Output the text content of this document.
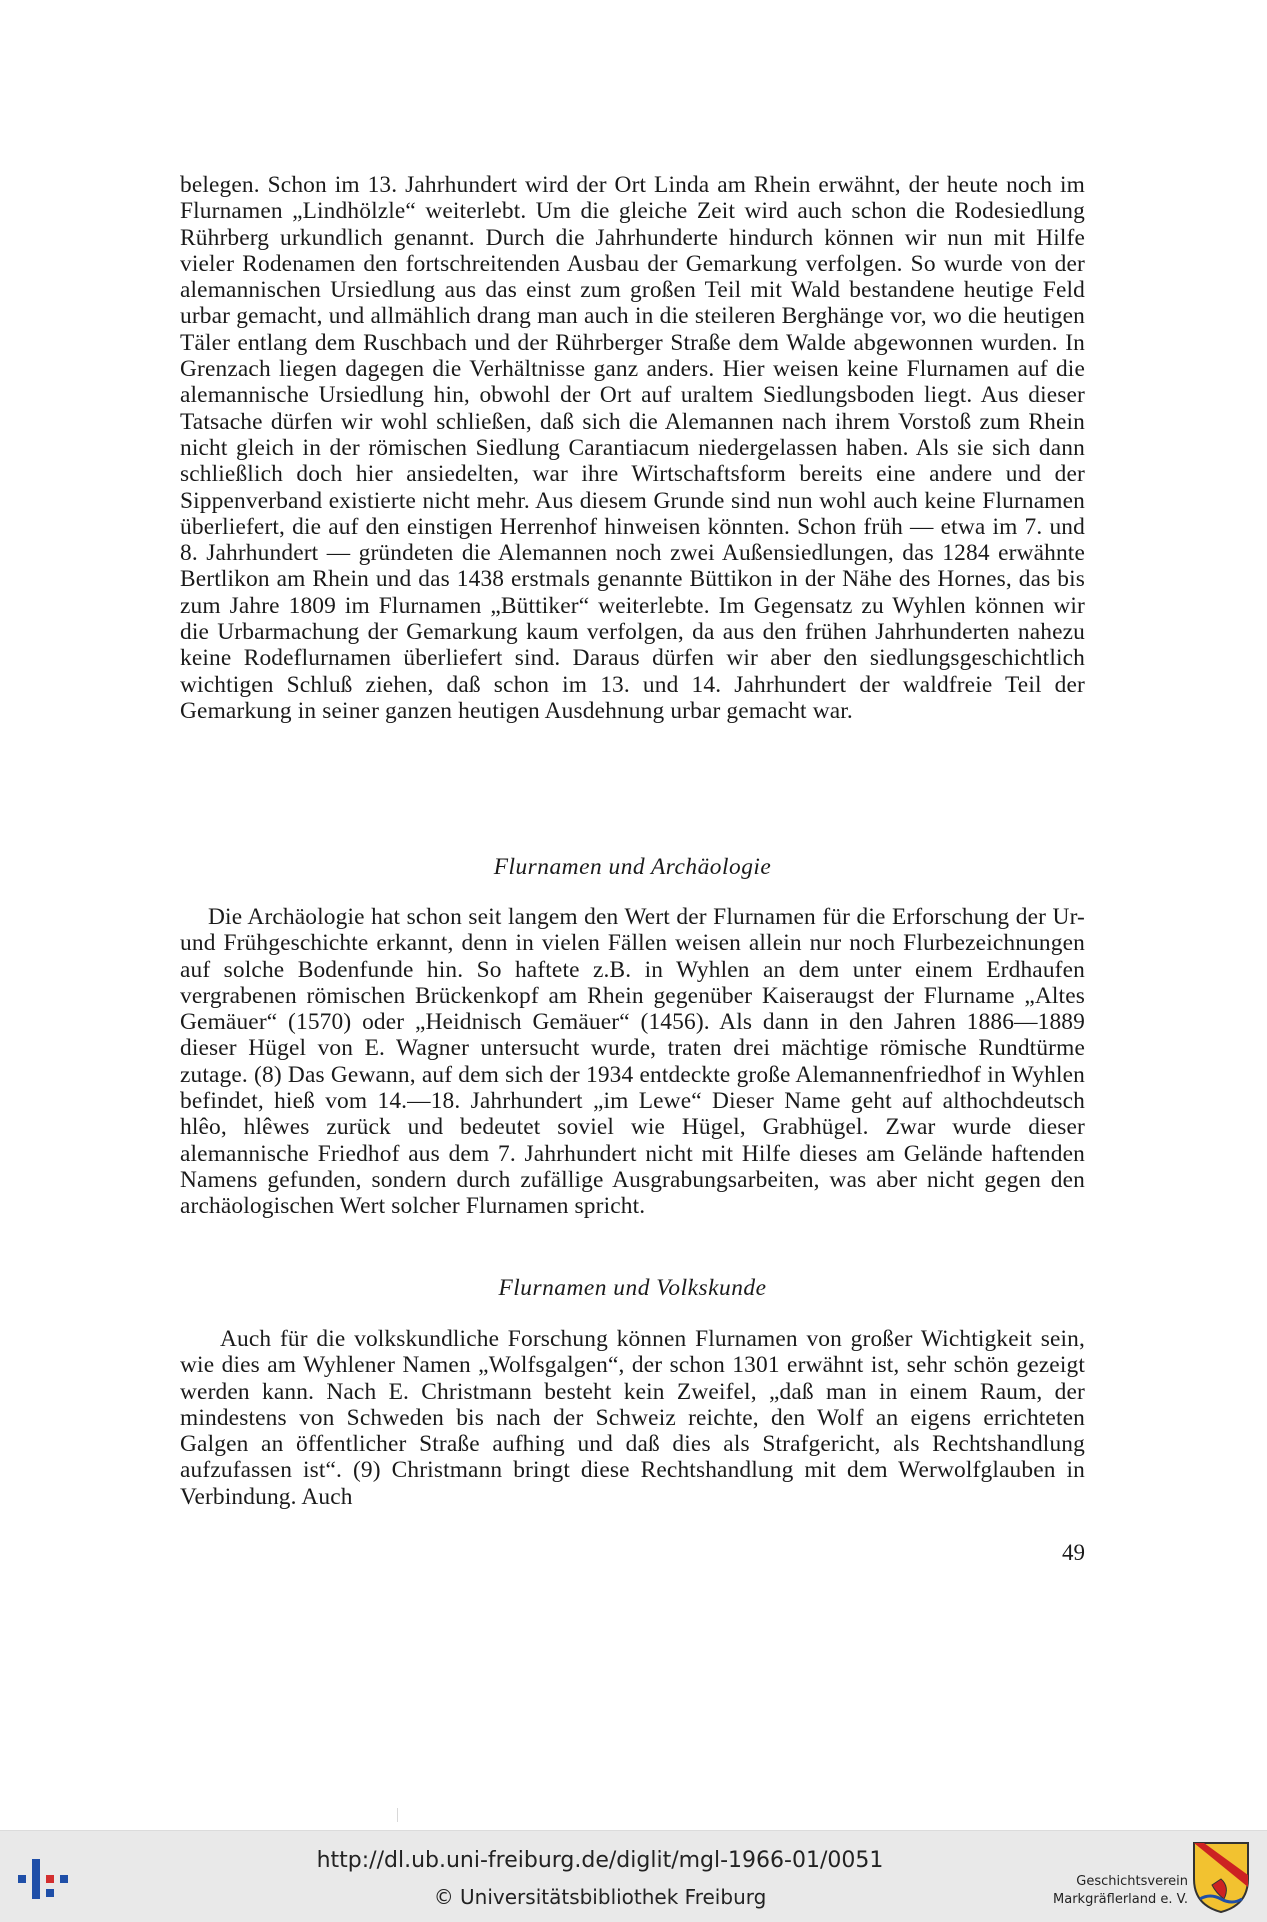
belegen. Schon im 13. Jahrhundert wird der Ort Linda am Rhein erwähnt, der heute noch im Flurnamen „Lindhölzle“ weiterlebt. Um die gleiche Zeit wird auch schon die Rodesiedlung Rührberg urkundlich genannt. Durch die Jahrhunderte hindurch können wir nun mit Hilfe vieler Rodenamen den fortschreitenden Ausbau der Gemarkung verfolgen. So wurde von der alemannischen Ursiedlung aus das einst zum großen Teil mit Wald bestandene heutige Feld urbar gemacht, und allmählich drang man auch in die steileren Berghänge vor, wo die heutigen Täler entlang dem Ruschbach und der Rührberger Straße dem Walde abgewonnen wurden. In Grenzach liegen dagegen die Verhältnisse ganz anders. Hier weisen keine Flurnamen auf die alemannische Ursiedlung hin, obwohl der Ort auf uraltem Siedlungsboden liegt. Aus dieser Tatsache dürfen wir wohl schließen, daß sich die Alemannen nach ihrem Vorstoß zum Rhein nicht gleich in der römischen Siedlung Carantiacum niedergelassen haben. Als sie sich dann schließlich doch hier ansiedelten, war ihre Wirtschaftsform bereits eine andere und der Sippenverband existierte nicht mehr. Aus diesem Grunde sind nun wohl auch keine Flurnamen überliefert, die auf den einstigen Herrenhof hinweisen könnten. Schon früh — etwa im 7. und 8. Jahrhundert — gründeten die Alemannen noch zwei Außensiedlungen, das 1284 erwähnte Bertlikon am Rhein und das 1438 erstmals genannte Büttikon in der Nähe des Hornes, das bis zum Jahre 1809 im Flurnamen „Büttiker“ weiterlebte. Im Gegensatz zu Wyhlen können wir die Urbarmachung der Gemarkung kaum verfolgen, da aus den frühen Jahrhunderten nahezu keine Rodeflurnamen überliefert sind. Daraus dürfen wir aber den siedlungsgeschichtlich wichtigen Schluß ziehen, daß schon im 13. und 14. Jahrhundert der waldfreie Teil der Gemarkung in seiner ganzen heutigen Ausdehnung urbar gemacht war.
Flurnamen und Archäologie
Die Archäologie hat schon seit langem den Wert der Flurnamen für die Erforschung der Ur- und Frühgeschichte erkannt, denn in vielen Fällen weisen allein nur noch Flurbezeichnungen auf solche Bodenfunde hin. So haftete z.B. in Wyhlen an dem unter einem Erdhaufen vergrabenen römischen Brückenkopf am Rhein gegenüber Kaiseraugst der Flurname „Altes Gemäuer“ (1570) oder „Heidnisch Gemäuer“ (1456). Als dann in den Jahren 1886—1889 dieser Hügel von E. Wagner untersucht wurde, traten drei mächtige römische Rundtürme zutage. (8) Das Gewann, auf dem sich der 1934 entdeckte große Alemannenfriedhof in Wyhlen befindet, hieß vom 14.—18. Jahrhundert „im Lewe“ Dieser Name geht auf althochdeutsch hlêo, hlêwes zurück und bedeutet soviel wie Hügel, Grabhügel. Zwar wurde dieser alemannische Friedhof aus dem 7. Jahrhundert nicht mit Hilfe dieses am Gelände haftenden Namens gefunden, sondern durch zufällige Ausgrabungsarbeiten, was aber nicht gegen den archäologischen Wert solcher Flurnamen spricht.
Flurnamen und Volkskunde
Auch für die volkskundliche Forschung können Flurnamen von großer Wichtigkeit sein, wie dies am Wyhlener Namen „Wolfsgalgen“, der schon 1301 erwähnt ist, sehr schön gezeigt werden kann. Nach E. Christmann besteht kein Zweifel, „daß man in einem Raum, der mindestens von Schweden bis nach der Schweiz reichte, den Wolf an eigens errichteten Galgen an öffentlicher Straße aufhing und daß dies als Strafgericht, als Rechtshandlung aufzufassen ist“. (9) Christmann bringt diese Rechtshandlung mit dem Werwolfglauben in Verbindung. Auch
49
http://dl.ub.uni-freiburg.de/diglit/mgl-1966-01/0051
© Universitätsbibliothek Freiburg
Geschichtsverein
Markgräflerland e. V.
